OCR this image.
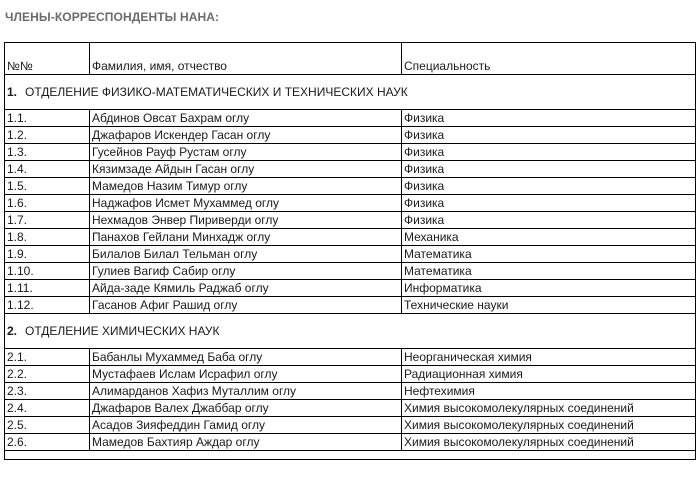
ЧЛЕНЫ-КОРРЕСПОНДЕНТЫ НАНА:
№№	Фамилия, имя, отчество	Специальность
1. ОТДЕЛЕНИЕ ФИЗИКО-МАТЕМАТИЧЕСКИХ И ТЕХНИЧЕСКИХ НАУК		
1.1.	Абдинов Овсат Бахрам оглу	Физика
1.2.	Джафаров Искендер Гасан оглу	Физика
1.3.	Гусейнов Рауф Рустам оглу	Физика
1.4.	Кязимзаде Айдын Гасан оглу	Физика
1.5.	Мамедов Назим Тимур оглу	Физика
1.6.	Наджафов Исмет Мухаммед оглу	Физика
1.7.	Нехмадов Энвер Пириверди оглу	Физика
1.8.	Панахов Гейлани Минхадж оглу	Механика
1.9.	Билалов Билал Тельман оглу	Математика
1.10.	Гулиев Вагиф Сабир оглу	Математика
1.11.	Айда-заде Кямиль Раджаб оглу	Информатика
1.12.	Гасанов Афиг Рашид оглу	Технические науки
2. ОТДЕЛЕНИЕ ХИМИЧЕСКИХ НАУК		
2.1.	Бабанлы Мухаммед Баба оглу	Неорганическая химия
2.2.	Мустафаев Ислам Исрафил оглу	Радиационная химия
2.3.	Алимарданов Хафиз Муталлим оглу	Нефтехимия
2.4.	Джафаров Валех Джаббар оглу	Химия высокомолекулярных соединений
2.5.	Асадов Зияфеддин Гамид оглу	Химия высокомолекулярных соединений
2.6.	Мамедов Бахтияр Аждар оглу	Химия высокомолекулярных соединений
